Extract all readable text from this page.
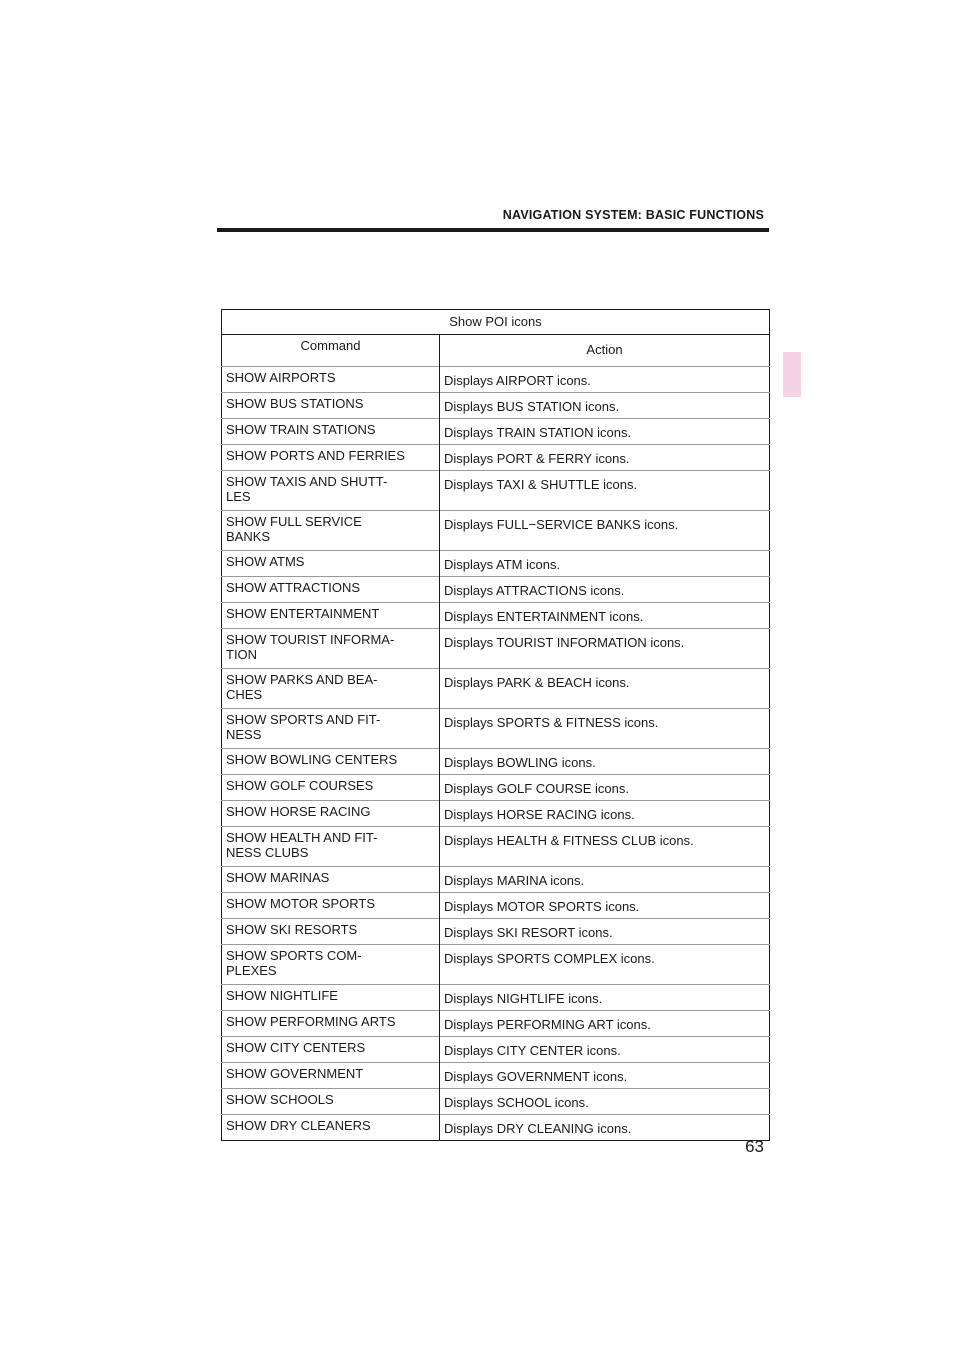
NAVIGATION SYSTEM: BASIC FUNCTIONS
Show POI icons	
Command	Action

SHOW AIRPORTS	Displays AIRPORT icons.

SHOW BUS STATIONS	Displays BUS STATION icons.

SHOW TRAIN STATIONS	Displays TRAIN STATION icons.

SHOW PORTS AND FERRIES	Displays PORT & FERRY icons.

SHOW TAXIS AND SHUTT-
LES	Displays TAXI & SHUTTLE icons.

SHOW FULL SERVICE
BANKS	Displays FULL−SERVICE BANKS icons.

SHOW ATMS	Displays ATM icons.

SHOW ATTRACTIONS	Displays ATTRACTIONS icons.

SHOW ENTERTAINMENT	Displays ENTERTAINMENT icons.

SHOW TOURIST INFORMA-
TION	Displays TOURIST INFORMATION icons.

SHOW PARKS AND BEA-
CHES	Displays PARK & BEACH icons.

SHOW SPORTS AND FIT-
NESS	Displays SPORTS & FITNESS icons.

SHOW BOWLING CENTERS	Displays BOWLING icons.

SHOW GOLF COURSES	Displays GOLF COURSE icons.

SHOW HORSE RACING	Displays HORSE RACING icons.

SHOW HEALTH AND FIT-
NESS CLUBS	Displays HEALTH & FITNESS CLUB icons.

SHOW MARINAS	Displays MARINA icons.

SHOW MOTOR SPORTS	Displays MOTOR SPORTS icons.

SHOW SKI RESORTS	Displays SKI RESORT icons.

SHOW SPORTS COM-
PLEXES	Displays SPORTS COMPLEX icons.

SHOW NIGHTLIFE	Displays NIGHTLIFE icons.

SHOW PERFORMING ARTS	Displays PERFORMING ART icons.

SHOW CITY CENTERS	Displays CITY CENTER icons.

SHOW GOVERNMENT	Displays GOVERNMENT icons.

SHOW SCHOOLS	Displays SCHOOL icons.

SHOW DRY CLEANERS	Displays DRY CLEANING icons.
63
